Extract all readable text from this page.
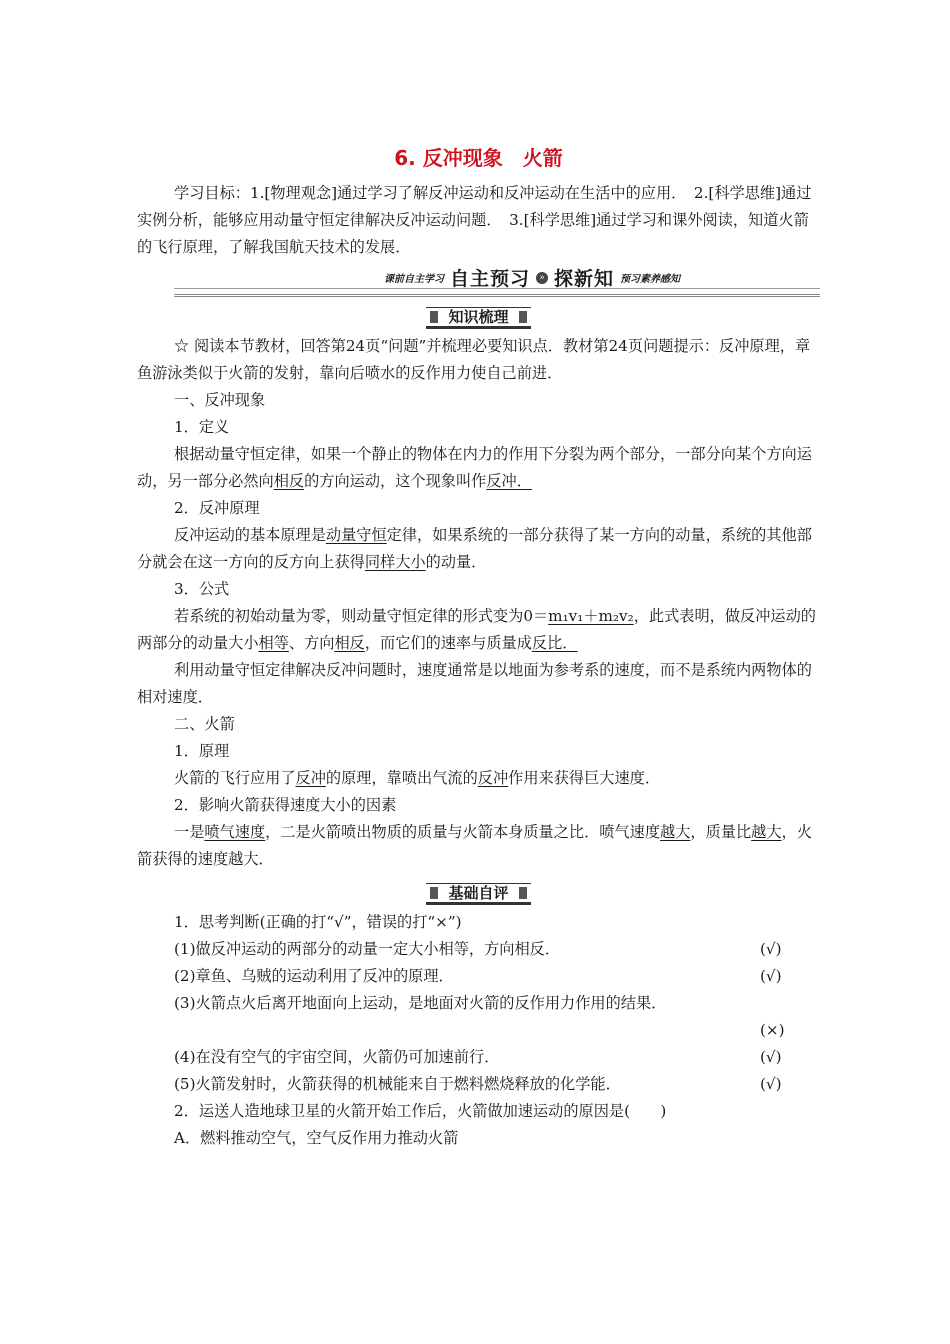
6. 反冲现象　火箭

学习目标：1.[物理观念]通过学习了解反冲运动和反冲运动在生活中的应用．　2.[科学思维]通过实例分析，能够应用动量守恒定律解决反冲运动问题．　3.[科学思维]通过学习和课外阅读，知道火箭的飞行原理，了解我国航天技术的发展．

课前自主学习 自主预习	» 探新知 预习素养感知
知识梳理

☆ 阅读本节教材，回答第24页“问题”并梳理必要知识点．教材第24页问题提示：反冲原理，章鱼游泳类似于火箭的发射，靠向后喷水的反作用力使自己前进．

一、反冲现象

1．定义

根据动量守恒定律，如果一个静止的物体在内力的作用下分裂为两个部分，一部分向某个方向运动，另一部分必然向相反的方向运动，这个现象叫作反冲．

2．反冲原理

反冲运动的基本原理是动量守恒定律，如果系统的一部分获得了某一方向的动量，系统的其他部分就会在这一方向的反方向上获得同样大小的动量．

3．公式

若系统的初始动量为零，则动量守恒定律的形式变为0＝m₁v₁＋m₂v₂，此式表明，做反冲运动的两部分的动量大小相等、方向相反，而它们的速率与质量成反比．

利用动量守恒定律解决反冲问题时，速度通常是以地面为参考系的速度，而不是系统内两物体的相对速度．

二、火箭

1．原理

火箭的飞行应用了反冲的原理，靠喷出气流的反冲作用来获得巨大速度．

2．影响火箭获得速度大小的因素

一是喷气速度，二是火箭喷出物质的质量与火箭本身质量之比．喷气速度越大，质量比越大，火箭获得的速度越大．

基础自评

1．思考判断(正确的打“√”，错误的打“×”)

(1)做反冲运动的两部分的动量一定大小相等，方向相反．	(√)
(2)章鱼、乌贼的运动利用了反冲的原理．	(√)
(3)火箭点火后离开地面向上运动，是地面对火箭的反作用力作用的结果．
(×)
(4)在没有空气的宇宙空间，火箭仍可加速前行．	(√)
(5)火箭发射时，火箭获得的机械能来自于燃料燃烧释放的化学能．	(√)

2．运送人造地球卫星的火箭开始工作后，火箭做加速运动的原因是(　　)

A．燃料推动空气，空气反作用力推动火箭
